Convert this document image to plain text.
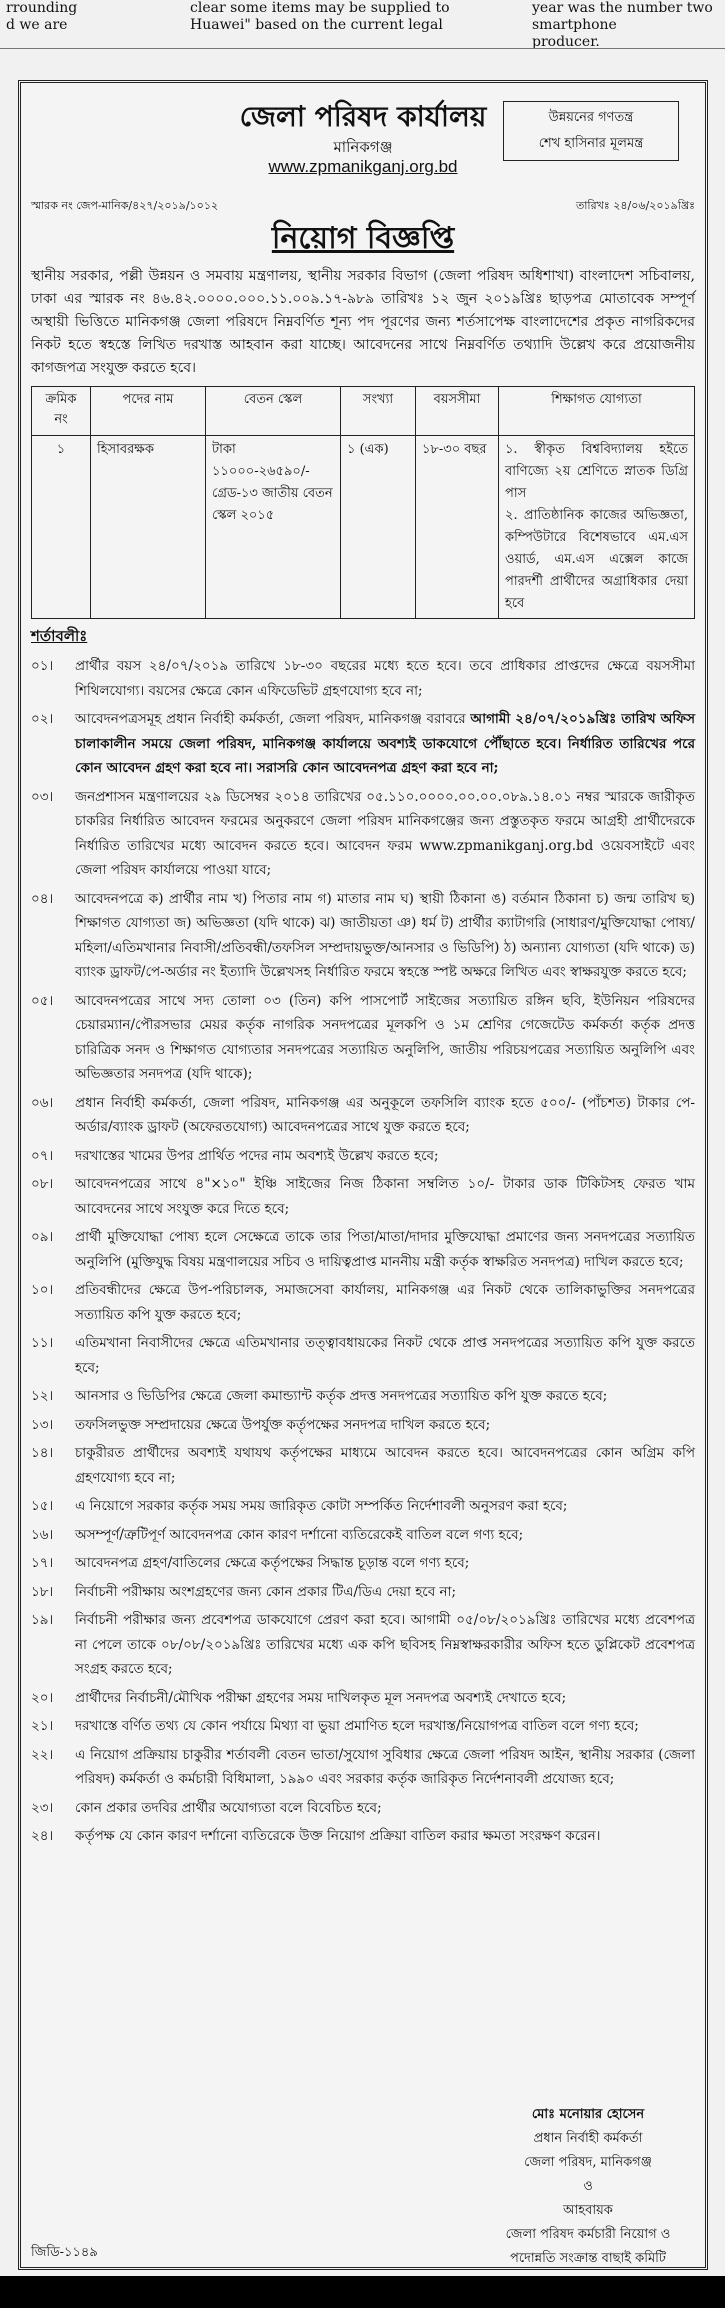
rrounding
d we are
clear some items may be supplied to
Huawei" based on the current legal
year was the number two smartphone
producer.
জেলা পরিষদ কার্যালয়
মানিকগঞ্জ
www.zpmanikganj.org.bd
উন্নয়নের গণতন্ত্র
শেখ হাসিনার মূলমন্ত্র
স্মারক নং জেপ-মানিক/৪২৭/২০১৯/১০১২	তারিখঃ ২৪/০৬/২০১৯খ্রিঃ
নিয়োগ বিজ্ঞপ্তি

স্থানীয় সরকার, পল্লী উন্নয়ন ও সমবায় মন্ত্রণালয়, স্থানীয় সরকার বিভাগ (জেলা পরিষদ অধিশাখা) বাংলাদেশ সচিবালয়, ঢাকা এর স্মারক নং ৪৬.৪২.০০০০.০০০.১১.০০৯.১৭-৯৮৯ তারিখঃ ১২ জুন ২০১৯খ্রিঃ ছাড়পত্র মোতাবেক সম্পূর্ণ অস্থায়ী ভিত্তিতে মানিকগঞ্জ জেলা পরিষদে নিম্নবর্ণিত শূন্য পদ পূরণের জন্য শর্তসাপেক্ষ বাংলাদেশের প্রকৃত নাগরিকদের নিকট হতে স্বহস্তে লিখিত দরখাস্ত আহবান করা যাচ্ছে। আবেদনের সাথে নিম্নবর্ণিত তথ্যাদি উল্লেখ করে প্রয়োজনীয় কাগজপত্র সংযুক্ত করতে হবে।

ক্রমিক নং	পদের নাম	বেতন স্কেল	সংখ্যা	বয়সসীমা	শিক্ষাগত যোগ্যতা
১	হিসাবরক্ষক	টাকা ১১০০০-২৬৫৯০/- গ্রেড-১৩ জাতীয় বেতন স্কেল ২০১৫	১ (এক)	১৮-৩০ বছর	১. স্বীকৃত বিশ্ববিদ্যালয় হইতে বাণিজ্যে ২য় শ্রেণিতে স্নাতক ডিগ্রি পাস
২. প্রাতিষ্ঠানিক কাজের অভিজ্ঞতা, কম্পিউটারে বিশেষভাবে এম.এস ওয়ার্ড, এম.এস এক্সেল কাজে পারদর্শী প্রার্থীদের অগ্রাধিকার দেয়া হবে
শর্তাবলীঃ
০১।	প্রার্থীর বয়স ২৪/০৭/২০১৯ তারিখে ১৮-৩০ বছরের মধ্যে হতে হবে। তবে প্রাধিকার প্রাপ্তদের ক্ষেত্রে বয়সসীমা শিথিলযোগ্য। বয়সের ক্ষেত্রে কোন এফিডেভিট গ্রহণযোগ্য হবে না;
০২।	আবেদনপত্রসমূহ প্রধান নির্বাহী কর্মকর্তা, জেলা পরিষদ, মানিকগঞ্জ বরাবরে আগামী ২৪/০৭/২০১৯খ্রিঃ তারিখ অফিস চালাকালীন সময়ে জেলা পরিষদ, মানিকগঞ্জ কার্যালয়ে অবশ্যই ডাকযোগে পৌঁছাতে হবে। নির্ধারিত তারিখের পরে কোন আবেদন গ্রহণ করা হবে না। সরাসরি কোন আবেদনপত্র গ্রহণ করা হবে না;
০৩।	জনপ্রশাসন মন্ত্রণালয়ের ২৯ ডিসেম্বর ২০১৪ তারিখের ০৫.১১০.০০০০.০০.০০.০৮৯.১৪.০১ নম্বর স্মারকে জারীকৃত চাকরির নির্ধারিত আবেদন ফরমের অনুকরণে জেলা পরিষদ মানিকগঞ্জের জন্য প্রস্তুতকৃত ফরমে আগ্রহী প্রার্থীদেরকে নির্ধারিত তারিখের মধ্যে আবেদন করতে হবে। আবেদন ফরম www.zpmanikganj.org.bd ওয়েবসাইটে এবং জেলা পরিষদ কার্যালয়ে পাওয়া যাবে;
০৪।	আবেদনপত্রে ক) প্রার্থীর নাম খ) পিতার নাম গ) মাতার নাম ঘ) স্থায়ী ঠিকানা ঙ) বর্তমান ঠিকানা চ) জন্ম তারিখ ছ) শিক্ষাগত যোগ্যতা জ) অভিজ্ঞতা (যদি থাকে) ঝ) জাতীয়তা ঞ) ধর্ম ট) প্রার্থীর ক্যাটাগরি (সাধারণ/মুক্তিযোদ্ধা পোষ্য/মহিলা/এতিমখানার নিবাসী/প্রতিবন্ধী/তফসিল সম্প্রদায়ভুক্ত/আনসার ও ভিডিপি) ঠ) অন্যান্য যোগ্যতা (যদি থাকে) ড) ব্যাংক ড্রাফট/পে-অর্ডার নং ইত্যাদি উল্লেখসহ নির্ধারিত ফরমে স্বহস্তে স্পষ্ট অক্ষরে লিখিত এবং স্বাক্ষরযুক্ত করতে হবে;
০৫।	আবেদনপত্রের সাথে সদ্য তোলা ০৩ (তিন) কপি পাসপোর্ট সাইজের সত্যায়িত রঙ্গিন ছবি, ইউনিয়ন পরিষদের চেয়ারম্যান/পৌরসভার মেয়র কর্তৃক নাগরিক সনদপত্রের মূলকপি ও ১ম শ্রেণির গেজেটেড কর্মকর্তা কর্তৃক প্রদত্ত চারিত্রিক সনদ ও শিক্ষাগত যোগ্যতার সনদপত্রের সত্যায়িত অনুলিপি, জাতীয় পরিচয়পত্রের সত্যায়িত অনুলিপি এবং অভিজ্ঞতার সনদপত্র (যদি থাকে);
০৬।	প্রধান নির্বাহী কর্মকর্তা, জেলা পরিষদ, মানিকগঞ্জ এর অনুকূলে তফসিলি ব্যাংক হতে ৫০০/- (পাঁচশত) টাকার পে-অর্ডার/ব্যাংক ড্রাফট (অফেরতযোগ্য) আবেদনপত্রের সাথে যুক্ত করতে হবে;
০৭।	দরখাস্তের খামের উপর প্রার্থিত পদের নাম অবশ্যই উল্লেখ করতে হবে;
০৮।	আবেদনপত্রের সাথে ৪"×১০" ইঞ্চি সাইজের নিজ ঠিকানা সম্বলিত ১০/- টাকার ডাক টিকিটসহ ফেরত খাম আবেদনের সাথে সংযুক্ত করে দিতে হবে;
০৯।	প্রার্থী মুক্তিযোদ্ধা পোষ্য হলে সেক্ষেত্রে তাকে তার পিতা/মাতা/দাদার মুক্তিযোদ্ধা প্রমাণের জন্য সনদপত্রের সত্যায়িত অনুলিপি (মুক্তিযুদ্ধ বিষয় মন্ত্রণালয়ের সচিব ও দায়িত্বপ্রাপ্ত মাননীয় মন্ত্রী কর্তৃক স্বাক্ষরিত সনদপত্র) দাখিল করতে হবে;
১০।	প্রতিবন্ধীদের ক্ষেত্রে উপ-পরিচালক, সমাজসেবা কার্যালয়, মানিকগঞ্জ এর নিকট থেকে তালিকাভুক্তির সনদপত্রের সত্যায়িত কপি যুক্ত করতে হবে;
১১।	এতিমখানা নিবাসীদের ক্ষেত্রে এতিমখানার তত্ত্বাবধায়কের নিকট থেকে প্রাপ্ত সনদপত্রের সত্যায়িত কপি যুক্ত করতে হবে;
১২।	আনসার ও ভিডিপির ক্ষেত্রে জেলা কমান্ড্যান্ট কর্তৃক প্রদত্ত সনদপত্রের সত্যায়িত কপি যুক্ত করতে হবে;
১৩।	তফসিলভুক্ত সম্প্রদায়ের ক্ষেত্রে উপর্যুক্ত কর্তৃপক্ষের সনদপত্র দাখিল করতে হবে;
১৪।	চাকুরীরত প্রার্থীদের অবশ্যই যথাযথ কর্তৃপক্ষের মাধ্যমে আবেদন করতে হবে। আবেদনপত্রের কোন অগ্রিম কপি গ্রহণযোগ্য হবে না;
১৫।	এ নিয়োগে সরকার কর্তৃক সময় সময় জারিকৃত কোটা সম্পর্কিত নির্দেশাবলী অনুসরণ করা হবে;
১৬।	অসম্পূর্ণ/ত্রুটিপূর্ণ আবেদনপত্র কোন কারণ দর্শানো ব্যতিরেকেই বাতিল বলে গণ্য হবে;
১৭।	আবেদনপত্র গ্রহণ/বাতিলের ক্ষেত্রে কর্তৃপক্ষের সিদ্ধান্ত চূড়ান্ত বলে গণ্য হবে;
১৮।	নির্বাচনী পরীক্ষায় অংশগ্রহণের জন্য কোন প্রকার টিএ/ডিএ দেয়া হবে না;
১৯।	নির্বাচনী পরীক্ষার জন্য প্রবেশপত্র ডাকযোগে প্রেরণ করা হবে। আগামী ০৫/০৮/২০১৯খ্রিঃ তারিখের মধ্যে প্রবেশপত্র না পেলে তাকে ০৮/০৮/২০১৯খ্রিঃ তারিখের মধ্যে এক কপি ছবিসহ নিম্নস্বাক্ষরকারীর অফিস হতে ডুপ্লিকেট প্রবেশপত্র সংগ্রহ করতে হবে;
২০।	প্রার্থীদের নির্বাচনী/মৌখিক পরীক্ষা গ্রহণের সময় দাখিলকৃত মূল সনদপত্র অবশ্যই দেখাতে হবে;
২১।	দরখাস্তে বর্ণিত তথ্য যে কোন পর্যায়ে মিথ্যা বা ভুয়া প্রমাণিত হলে দরখাস্ত/নিয়োগপত্র বাতিল বলে গণ্য হবে;
২২।	এ নিয়োগ প্রক্রিয়ায় চাকুরীর শর্তাবলী বেতন ভাতা/সুযোগ সুবিধার ক্ষেত্রে জেলা পরিষদ আইন, স্থানীয় সরকার (জেলা পরিষদ) কর্মকর্তা ও কর্মচারী বিধিমালা, ১৯৯০ এবং সরকার কর্তৃক জারিকৃত নির্দেশনাবলী প্রযোজ্য হবে;
২৩।	কোন প্রকার তদবির প্রার্থীর অযোগ্যতা বলে বিবেচিত হবে;
২৪।	কর্তৃপক্ষ যে কোন কারণ দর্শানো ব্যতিরেকে উক্ত নিয়োগ প্রক্রিয়া বাতিল করার ক্ষমতা সংরক্ষণ করেন।
মোঃ মনোয়ার হোসেন
প্রধান নির্বাহী কর্মকর্তা
জেলা পরিষদ, মানিকগঞ্জ
ও
আহবায়ক
জেলা পরিষদ কর্মচারী নিয়োগ ও
পদোন্নতি সংক্রান্ত বাছাই কমিটি
জিডি-১১৪৯
